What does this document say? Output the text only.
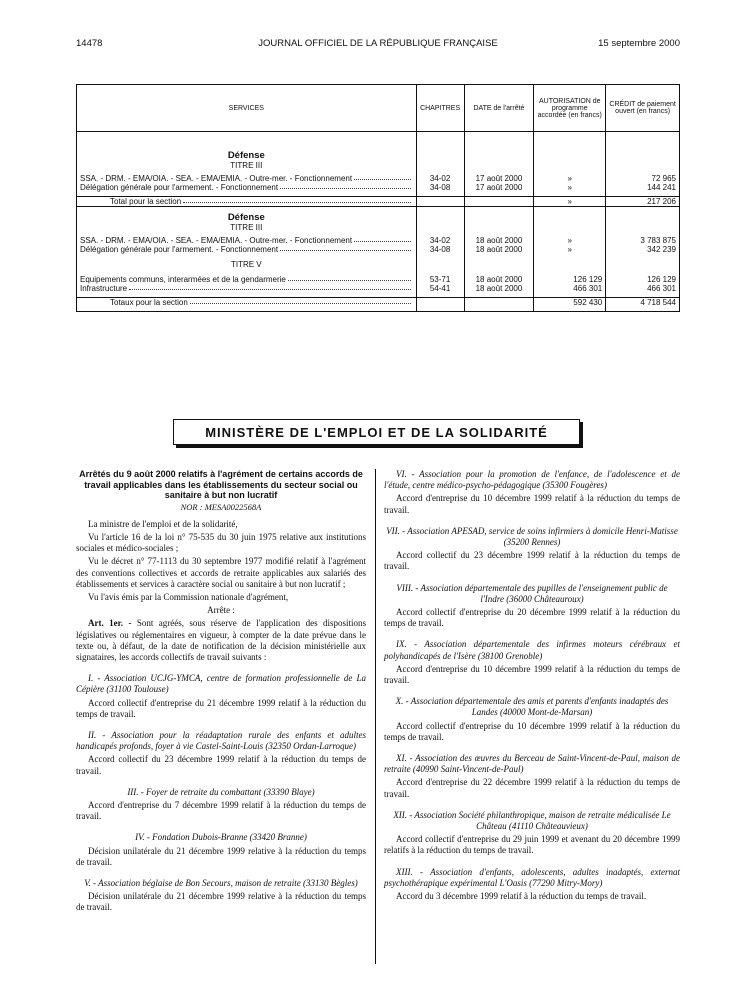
JOURNAL OFFICIEL DE LA RÉPUBLIQUE FRANÇAISE
14478	15 septembre 2000
SERVICES	CHAPITRES	DATE de l'arrêté	AUTORISATION de programme accordée (en francs)	CRÉDIT de paiement ouvert (en francs)

Défense				
TITRE III				

SSA. - DRM. - EMA/OIA. - SEA. - EMA/EMIA. - Outre-mer. - Fonctionnement	34-02	17 août 2000	»	72 965

Délégation générale pour l'armement. - Fonctionnement	34-08	17 août 2000	»	144 241

Total pour la section			»	217 206

Défense				
TITRE III				

SSA. - DRM. - EMA/OIA. - SEA. - EMA/EMIA. - Outre-mer. - Fonctionnement	34-02	18 août 2000	»	3 783 875

Délégation générale pour l'armement. - Fonctionnement	34-08	18 août 2000	»	342 239

TITRE V				

Equipements communs, interarmées et de la gendarmerie	53-71	18 août 2000	126 129	126 129

Infrastructure	54-41	18 août 2000	466 301	466 301

Totaux pour la section			592 430	4 718 544
MINISTÈRE DE L'EMPLOI ET DE LA SOLIDARITÉ
Arrêtés du 9 août 2000 relatifs à l'agrément de certains accords de travail applicables dans les établissements du secteur social ou sanitaire à but non lucratif

NOR : MESA0022568A

La ministre de l'emploi et de la solidarité,

Vu l'article 16 de la loi n° 75-535 du 30 juin 1975 relative aux institutions sociales et médico-sociales ;

Vu le décret n° 77-1113 du 30 septembre 1977 modifié relatif à l'agrément des conventions collectives et accords de retraite applicables aux salariés des établissements et services à caractère social ou sanitaire à but non lucratif ;

Vu l'avis émis par la Commission nationale d'agrément,

Arrête :

Art. 1er. - Sont agréés, sous réserve de l'application des dispositions législatives ou réglementaires en vigueur, à compter de la date prévue dans le texte ou, à défaut, de la date de notification de la décision ministérielle aux signataires, les accords collectifs de travail suivants :

I. - Association UCJG-YMCA, centre de formation professionnelle de La Cépière (31100 Toulouse)

Accord collectif d'entreprise du 21 décembre 1999 relatif à la réduction du temps de travail.

II. - Association pour la réadaptation rurale des enfants et adultes handicapés profonds, foyer à vie Castel-Saint-Louis (32350 Ordan-Larroque)

Accord collectif du 23 décembre 1999 relatif à la réduction du temps de travail.

III. - Foyer de retraite du combattant (33390 Blaye)

Accord d'entreprise du 7 décembre 1999 relatif à la réduction du temps de travail.

IV. - Fondation Dubois-Branne (33420 Branne)

Décision unilatérale du 21 décembre 1999 relative à la réduction du temps de travail.

V. - Association béglaise de Bon Secours, maison de retraite (33130 Bègles)

Décision unilatérale du 21 décembre 1999 relative à la réduction du temps de travail.

VI. - Association pour la promotion de l'enfance, de l'adolescence et de l'étude, centre médico-psycho-pédagogique (35300 Fougères)

Accord d'entreprise du 10 décembre 1999 relatif à la réduction du temps de travail.

VII. - Association APESAD, service de soins infirmiers à domicile Henri-Matisse (35200 Rennes)

Accord collectif du 23 décembre 1999 relatif à la réduction du temps de travail.

VIII. - Association départementale des pupilles de l'enseignement public de l'Indre (36000 Châteauroux)

Accord collectif d'entreprise du 20 décembre 1999 relatif à la réduction du temps de travail.

IX. - Association départementale des infirmes moteurs cérébraux et polyhandicapés de l'Isère (38100 Grenoble)

Accord d'entreprise du 10 décembre 1999 relatif à la réduction du temps de travail.

X. - Association départementale des amis et parents d'enfants inadaptés des Landes (40000 Mont-de-Marsan)

Accord collectif d'entreprise du 10 décembre 1999 relatif à la réduction du temps de travail.

XI. - Association des œuvres du Berceau de Saint-Vincent-de-Paul, maison de retraite (40990 Saint-Vincent-de-Paul)

Accord d'entreprise du 22 décembre 1999 relatif à la réduction du temps de travail.

XII. - Association Société philanthropique, maison de retraite médicalisée Le Château (41110 Châteauvieux)

Accord collectif d'entreprise du 29 juin 1999 et avenant du 20 décembre 1999 relatifs à la réduction du temps de travail.

XIII. - Association d'enfants, adolescents, adultes inadaptés, externat psychothérapique expérimental L'Oasis (77290 Mitry-Mory)

Accord du 3 décembre 1999 relatif à la réduction du temps de travail.
